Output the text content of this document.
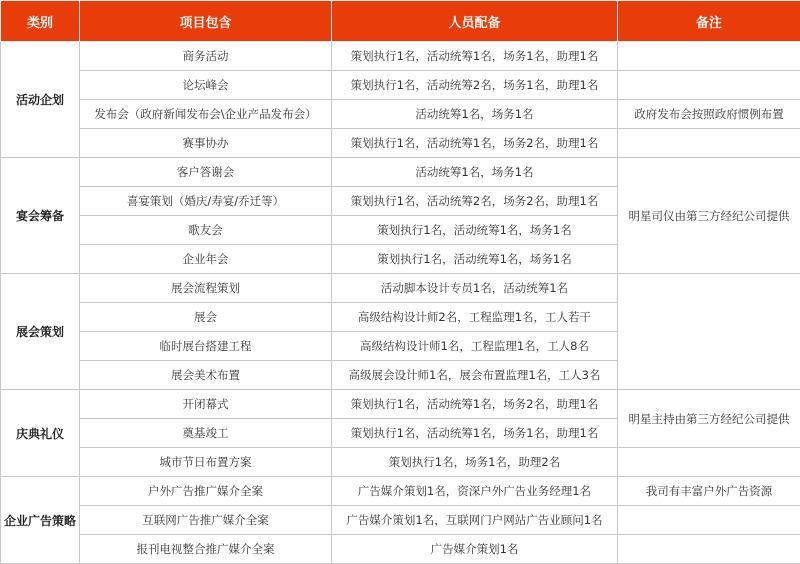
类别	项目包含	人员配备	备注
活动企划	商务活动	策划执行1名，活动统筹1名，场务1名，助理1名	
	论坛峰会	策划执行1名，活动统筹2名，场务1名，助理1名	
	发布会（政府新闻发布会\企业产品发布会）	活动统筹1名，场务1名	政府发布会按照政府惯例布置
	赛事协办	策划执行1名，活动统筹1名，场务2名，助理1名	
宴会筹备	客户答谢会	活动统筹1名，场务1名	明星司仪由第三方经纪公司提供
	喜宴策划（婚庆/寿宴/乔迁等）	策划执行1名，活动统筹2名，场务2名，助理1名	
	歌友会	策划执行1名，活动统筹1名，场务1名	
	企业年会	策划执行1名，活动统筹1名，场务1名	
展会策划	展会流程策划	活动脚本设计专员1名，活动统筹1名	
	展会	高级结构设计师2名，工程监理1名，工人若干	
	临时展台搭建工程	高级结构设计师1名，工程监理1名，工人8名	
	展会美术布置	高级展会设计师1名，展会布置监理1名，工人3名	
庆典礼仪	开闭幕式	策划执行1名，活动统筹1名，场务2名，助理1名	明星主持由第三方经纪公司提供
	奠基竣工	策划执行1名，活动统筹1名，场务1名，助理1名	
	城市节日布置方案	策划执行1名，场务1名，助理2名	
企业广告策略	户外广告推广媒介全案	广告媒介策划1名，资深户外广告业务经理1名	我司有丰富户外广告资源
	互联网广告推广媒介全案	广告媒介策划1名，互联网门户网站广告业顾问1名	
	报刊电视整合推广媒介全案	广告媒介策划1名	
